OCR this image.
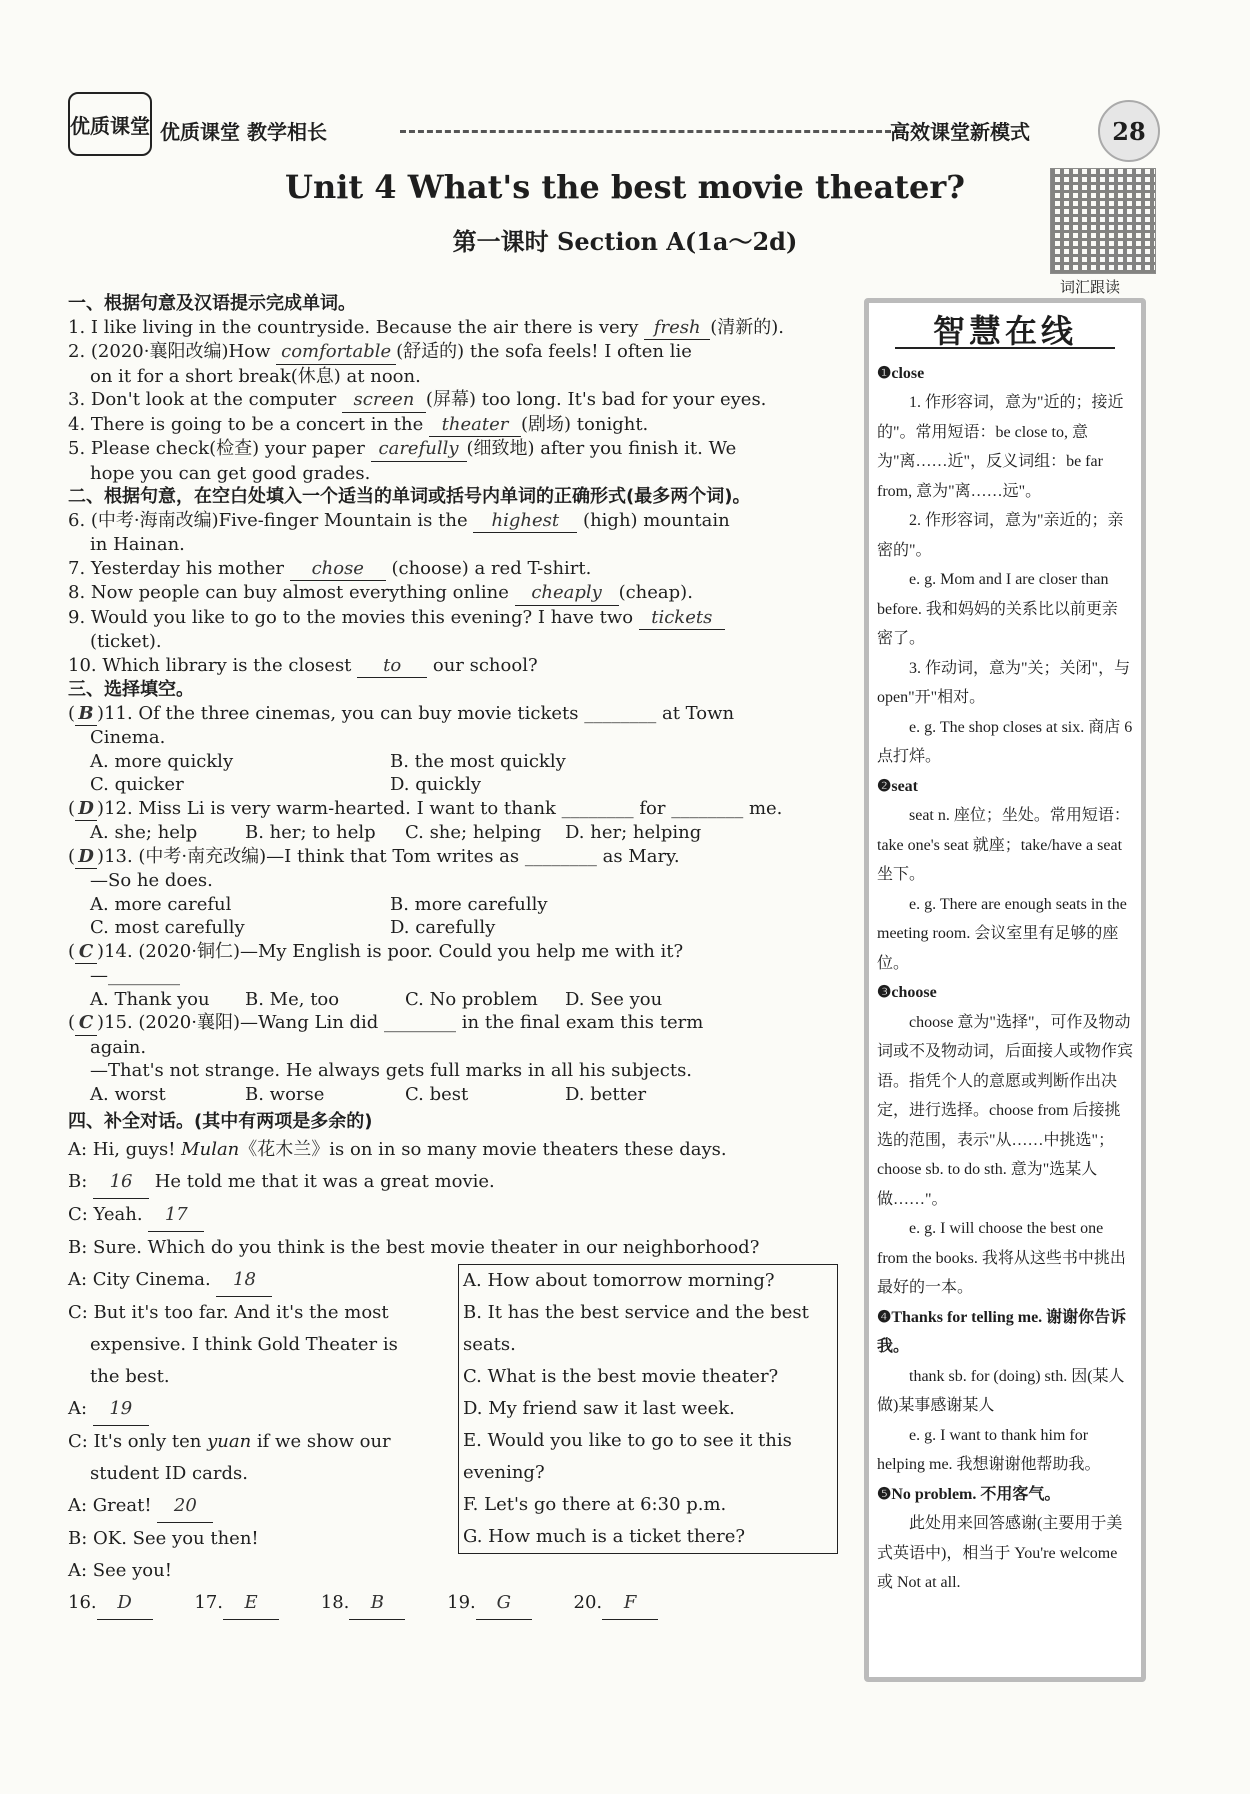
优质课堂 优质课堂 教学相长	高效课堂新模式	28
Unit 4 What's the best movie theater?
第一课时 Section A(1a～2d)
词汇跟读

一、根据句意及汉语提示完成单词。

1. I like living in the countryside. Because the air there is very fresh (清新的).

2. (2020·襄阳改编)How comfortable (舒适的) the sofa feels! I often lie

on it for a short break(休息) at noon.

3. Don't look at the computer screen (屏幕) too long. It's bad for your eyes.

4. There is going to be a concert in the theater (剧场) tonight.

5. Please check(检查) your paper carefully (细致地) after you finish it. We

hope you can get good grades.

二、根据句意，在空白处填入一个适当的单词或括号内单词的正确形式(最多两个词)。

6. (中考·海南改编)Five-finger Mountain is the highest (high) mountain

in Hainan.

7. Yesterday his mother chose (choose) a red T-shirt.

8. Now people can buy almost everything online cheaply (cheap).

9. Would you like to go to the movies this evening? I have two tickets

(ticket).

10. Which library is the closest to our school?

三、选择填空。

( B )11. Of the three cinemas, you can buy movie tickets ________ at Town

Cinema.

A. more quickly	B. the most quickly
C. quicker	D. quickly

( D )12. Miss Li is very warm-hearted. I want to thank ________ for ________ me.

A. she; help	B. her; to help	C. she; helping	D. her; helping

( D )13. (中考·南充改编)—I think that Tom writes as ________ as Mary.

—So he does.

A. more careful	B. more carefully
C. most carefully	D. carefully

( C )14. (2020·铜仁)—My English is poor. Could you help me with it?

—________

A. Thank you	B. Me, too	C. No problem	D. See you

( C )15. (2020·襄阳)—Wang Lin did ________ in the final exam this term

again.

—That's not strange. He always gets full marks in all his subjects.

A. worst	B. worse	C. best	D. better

四、补全对话。(其中有两项是多余的)

A: Hi, guys! Mulan《花木兰》is on in so many movie theaters these days.

B: 16 He told me that it was a great movie.

C: Yeah. 17

B: Sure. Which do you think is the best movie theater in our neighborhood?

A: City Cinema. 18

C: But it's too far. And it's the most

expensive. I think Gold Theater is

the best.

A: 19

C: It's only ten yuan if we show our

student ID cards.

A: Great! 20

B: OK. See you then!

A: See you!

A. How about tomorrow morning?
B. It has the best service and the best seats.
C. What is the best movie theater?
D. My friend saw it last week.
E. Would you like to go to see it this evening?
F. Let's go there at 6:30 p.m.
G. How much is a ticket there?

16. D	17. E	18. B	19. G	20. F

智慧在线

❶close

1. 作形容词，意为"近的；接近的"。常用短语：be close to, 意为"离……近"，反义词组：be far from, 意为"离……远"。

2. 作形容词，意为"亲近的；亲密的"。

e. g. Mom and I are closer than before. 我和妈妈的关系比以前更亲密了。

3. 作动词，意为"关；关闭"，与 open"开"相对。

e. g. The shop closes at six. 商店 6 点打烊。

❷seat

seat n. 座位；坐处。常用短语：take one's seat 就座；take/have a seat 坐下。

e. g. There are enough seats in the meeting room. 会议室里有足够的座位。

❸choose

choose 意为"选择"，可作及物动词或不及物动词，后面接人或物作宾语。指凭个人的意愿或判断作出决定，进行选择。choose from 后接挑选的范围，表示"从……中挑选"；choose sb. to do sth. 意为"选某人做……"。

e. g. I will choose the best one from the books. 我将从这些书中挑出最好的一本。

❹Thanks for telling me. 谢谢你告诉我。

thank sb. for (doing) sth. 因(某人做)某事感谢某人

e. g. I want to thank him for helping me. 我想谢谢他帮助我。

❺No problem. 不用客气。

此处用来回答感谢(主要用于美式英语中)，相当于 You're welcome 或 Not at all.
